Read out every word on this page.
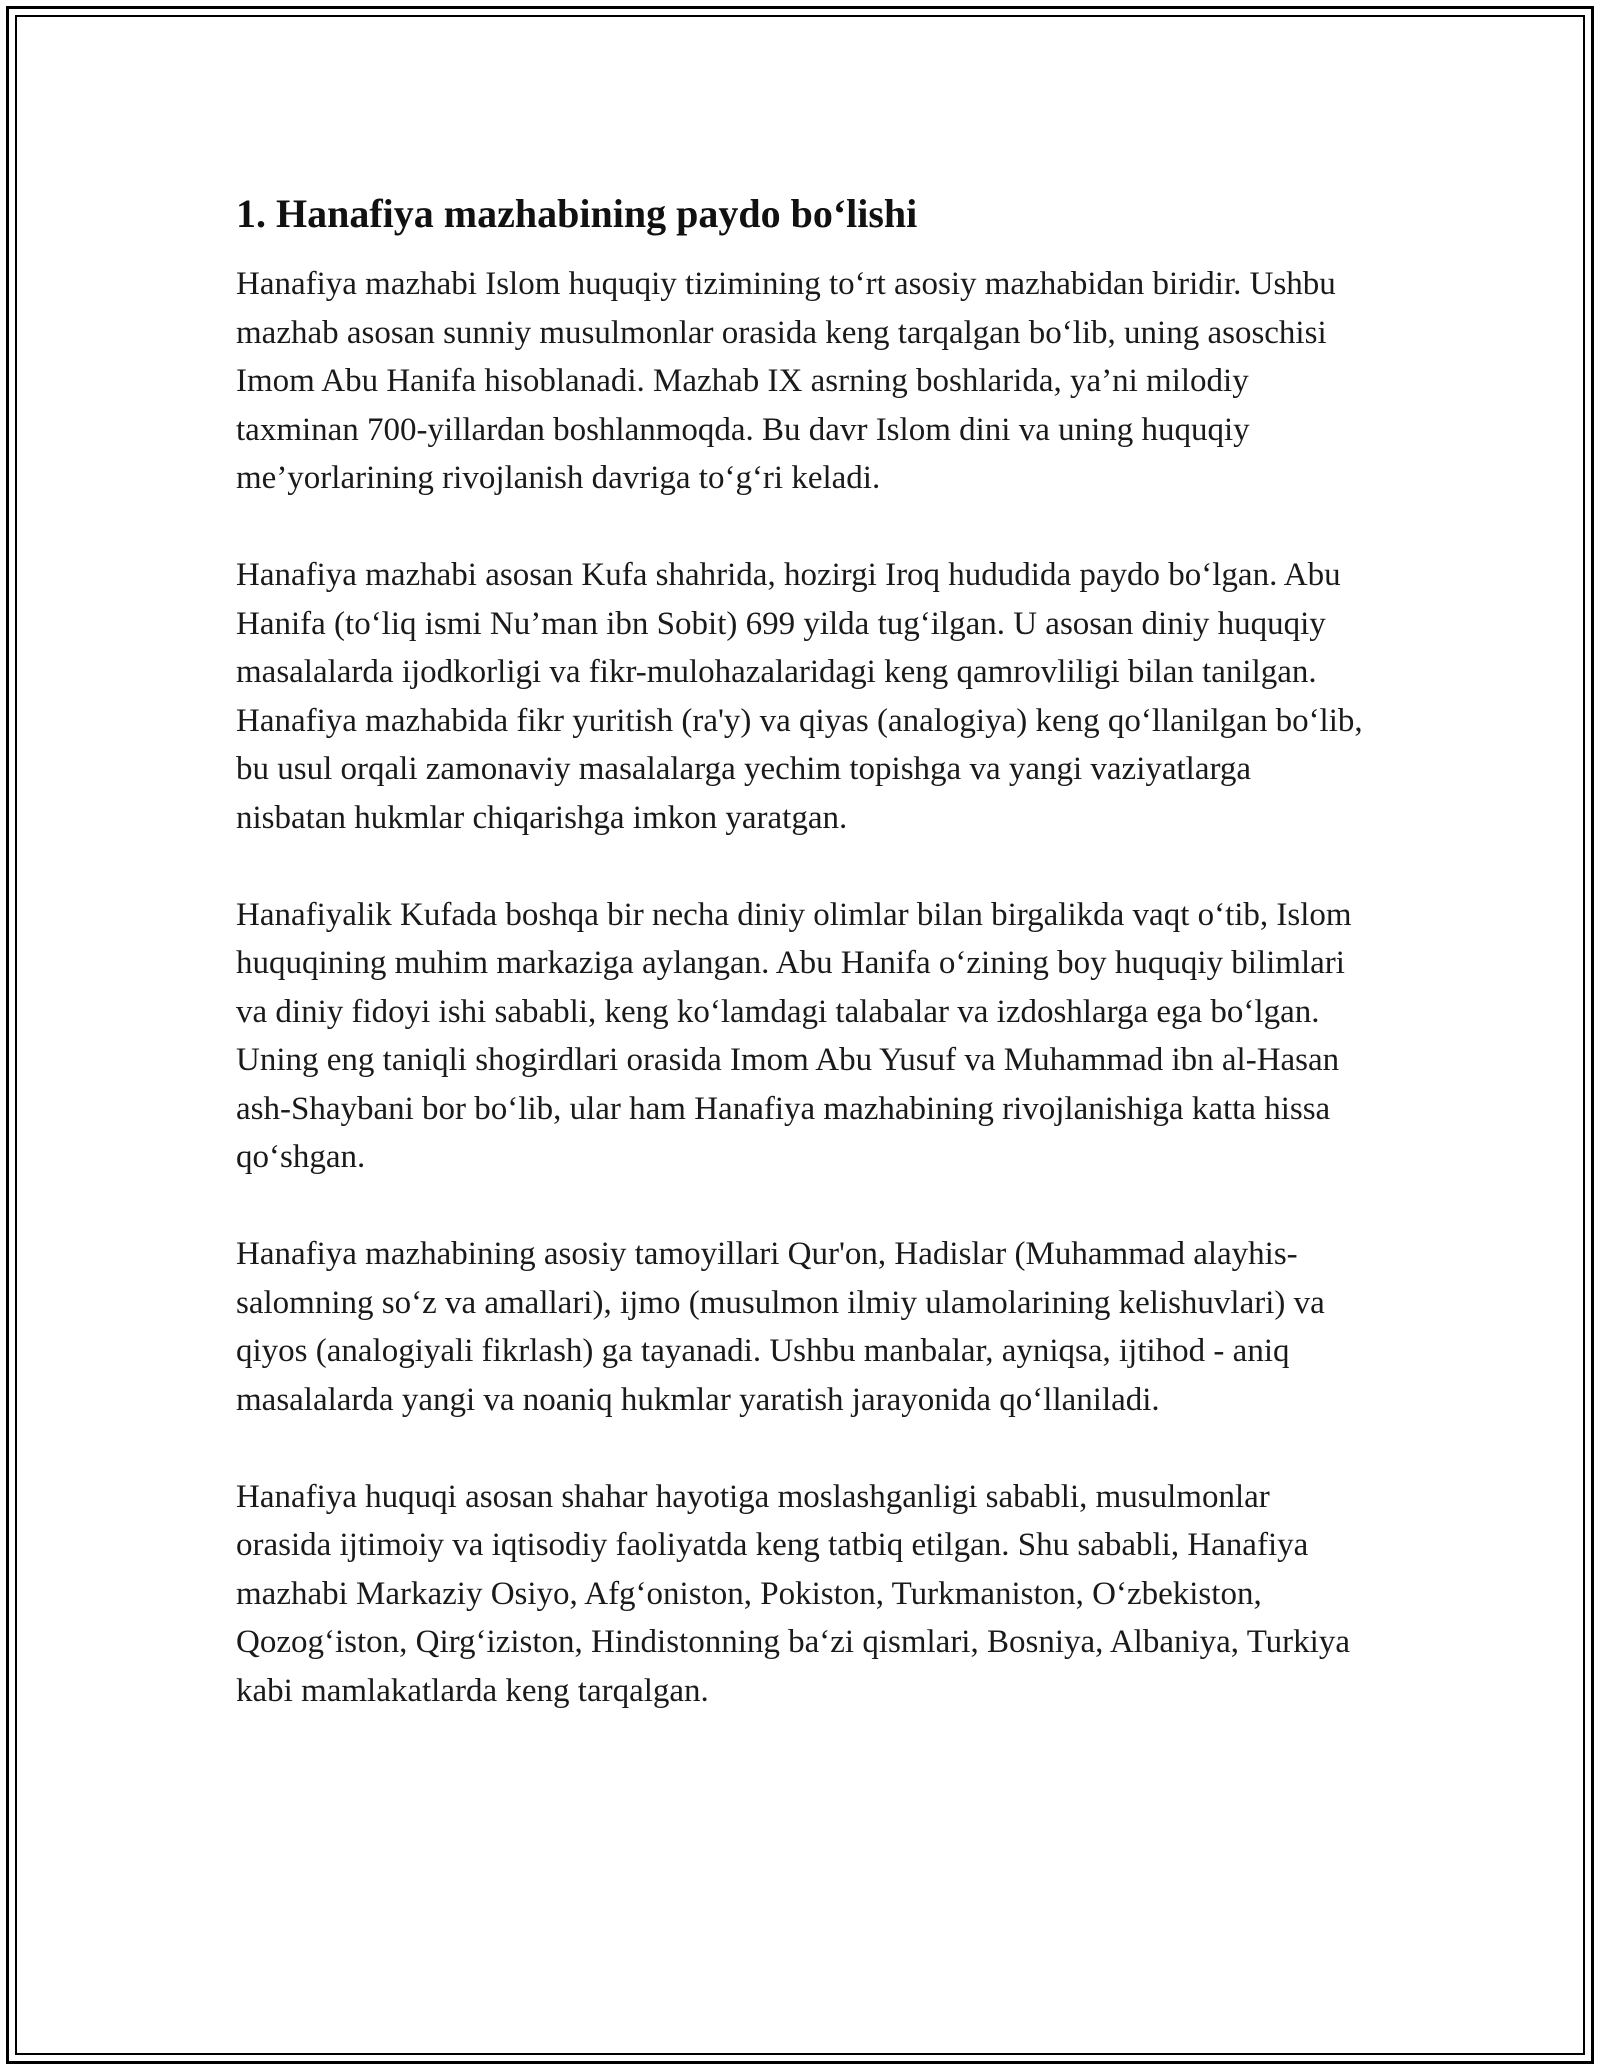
1. Hanafiya mazhabining paydo bo‘lishi

Hanafiya mazhabi Islom huquqiy tizimining to‘rt asosiy mazhabidan biridir. Ushbu mazhab asosan sunniy musulmonlar orasida keng tarqalgan bo‘lib, uning asoschisi Imom Abu Hanifa hisoblanadi. Mazhab IX asrning boshlarida, ya’ni milodiy taxminan 700-yillardan boshlanmoqda. Bu davr Islom dini va uning huquqiy me’yorlarining rivojlanish davriga to‘g‘ri keladi.

Hanafiya mazhabi asosan Kufa shahrida, hozirgi Iroq hududida paydo bo‘lgan. Abu Hanifa (to‘liq ismi Nu’man ibn Sobit) 699 yilda tug‘ilgan. U asosan diniy huquqiy masalalarda ijodkorligi va fikr-mulohazalaridagi keng qamrovliligi bilan tanilgan. Hanafiya mazhabida fikr yuritish (ra'y) va qiyas (analogiya) keng qo‘llanilgan bo‘lib, bu usul orqali zamonaviy masalalarga yechim topishga va yangi vaziyatlarga nisbatan hukmlar chiqarishga imkon yaratgan.

Hanafiyalik Kufada boshqa bir necha diniy olimlar bilan birgalikda vaqt o‘tib, Islom huquqining muhim markaziga aylangan. Abu Hanifa o‘zining boy huquqiy bilimlari va diniy fidoyi ishi sababli, keng ko‘lamdagi talabalar va izdoshlarga ega bo‘lgan. Uning eng taniqli shogirdlari orasida Imom Abu Yusuf va Muhammad ibn al-Hasan ash-Shaybani bor bo‘lib, ular ham Hanafiya mazhabining rivojlanishiga katta hissa qo‘shgan.

Hanafiya mazhabining asosiy tamoyillari Qur'on, Hadislar (Muhammad alayhis-salomning so‘z va amallari), ijmo (musulmon ilmiy ulamolarining kelishuvlari) va qiyos (analogiyali fikrlash) ga tayanadi. Ushbu manbalar, ayniqsa, ijtihod - aniq masalalarda yangi va noaniq hukmlar yaratish jarayonida qo‘llaniladi.

Hanafiya huquqi asosan shahar hayotiga moslashganligi sababli, musulmonlar orasida ijtimoiy va iqtisodiy faoliyatda keng tatbiq etilgan. Shu sababli, Hanafiya mazhabi Markaziy Osiyo, Afg‘oniston, Pokiston, Turkmaniston, O‘zbekiston, Qozog‘iston, Qirg‘iziston, Hindistonning ba‘zi qismlari, Bosniya, Albaniya, Turkiya kabi mamlakatlarda keng tarqalgan.
